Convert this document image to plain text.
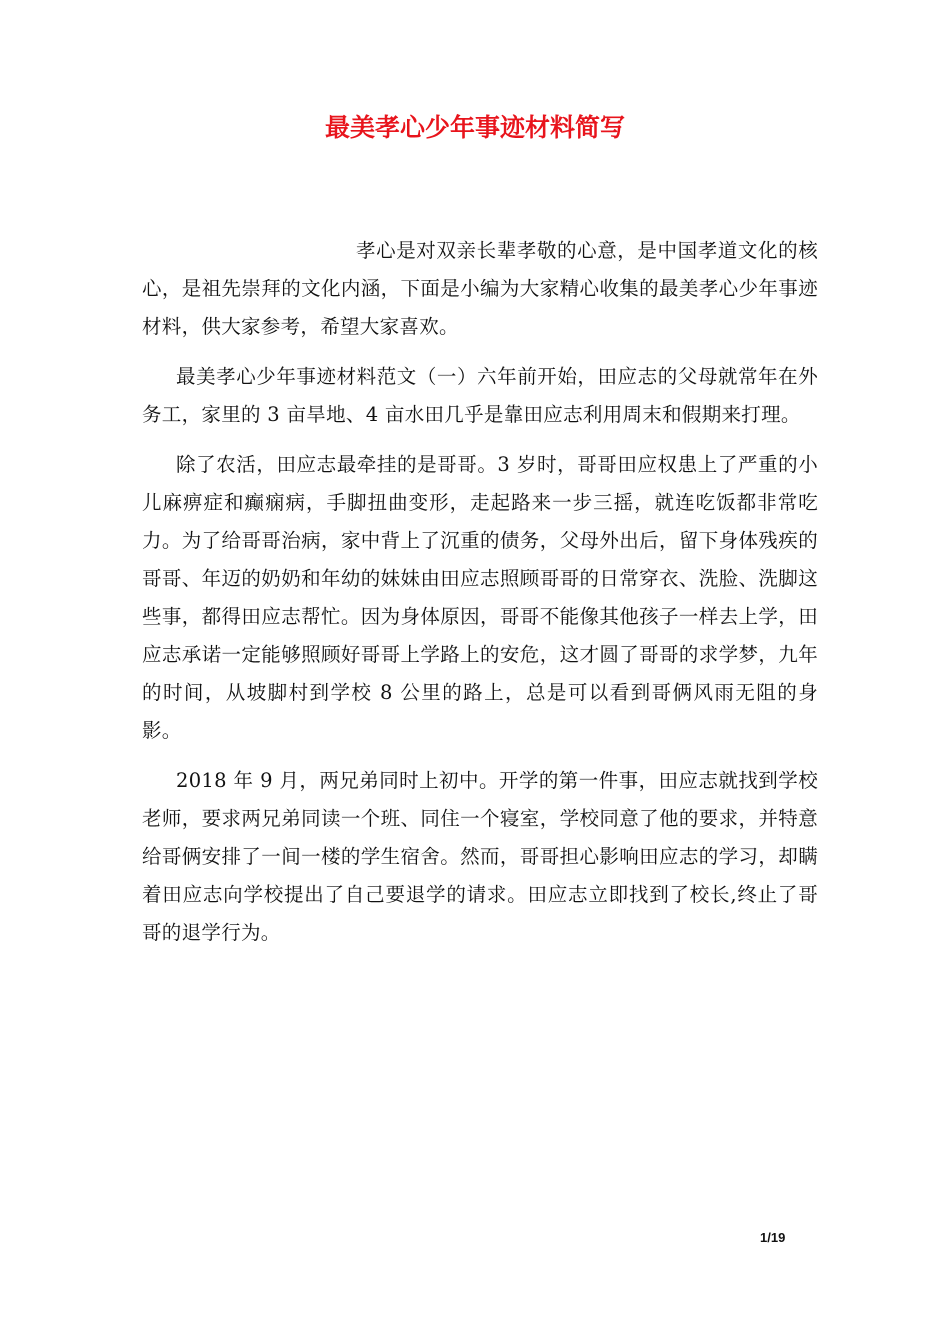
最美孝心少年事迹材料简写

孝心是对双亲长辈孝敬的心意，是中国孝道文化的核心，是祖先崇拜的文化内涵，下面是小编为大家精心收集的最美孝心少年事迹材料，供大家参考，希望大家喜欢。

最美孝心少年事迹材料范文（一）六年前开始，田应志的父母就常年在外务工，家里的 3 亩旱地、4 亩水田几乎是靠田应志利用周末和假期来打理。

除了农活，田应志最牵挂的是哥哥。3 岁时，哥哥田应权患上了严重的小儿麻痹症和癫痫病，手脚扭曲变形，走起路来一步三摇，就连吃饭都非常吃力。为了给哥哥治病，家中背上了沉重的债务，父母外出后，留下身体残疾的哥哥、年迈的奶奶和年幼的妹妹由田应志照顾哥哥的日常穿衣、洗脸、洗脚这些事，都得田应志帮忙。因为身体原因，哥哥不能像其他孩子一样去上学，田应志承诺一定能够照顾好哥哥上学路上的安危，这才圆了哥哥的求学梦，九年的时间，从坡脚村到学校 8 公里的路上，总是可以看到哥俩风雨无阻的身影。

2018 年 9 月，两兄弟同时上初中。开学的第一件事，田应志就找到学校老师，要求两兄弟同读一个班、同住一个寝室，学校同意了他的要求，并特意给哥俩安排了一间一楼的学生宿舍。然而，哥哥担心影响田应志的学习，却瞒着田应志向学校提出了自己要退学的请求。田应志立即找到了校长,终止了哥哥的退学行为。

1/19
